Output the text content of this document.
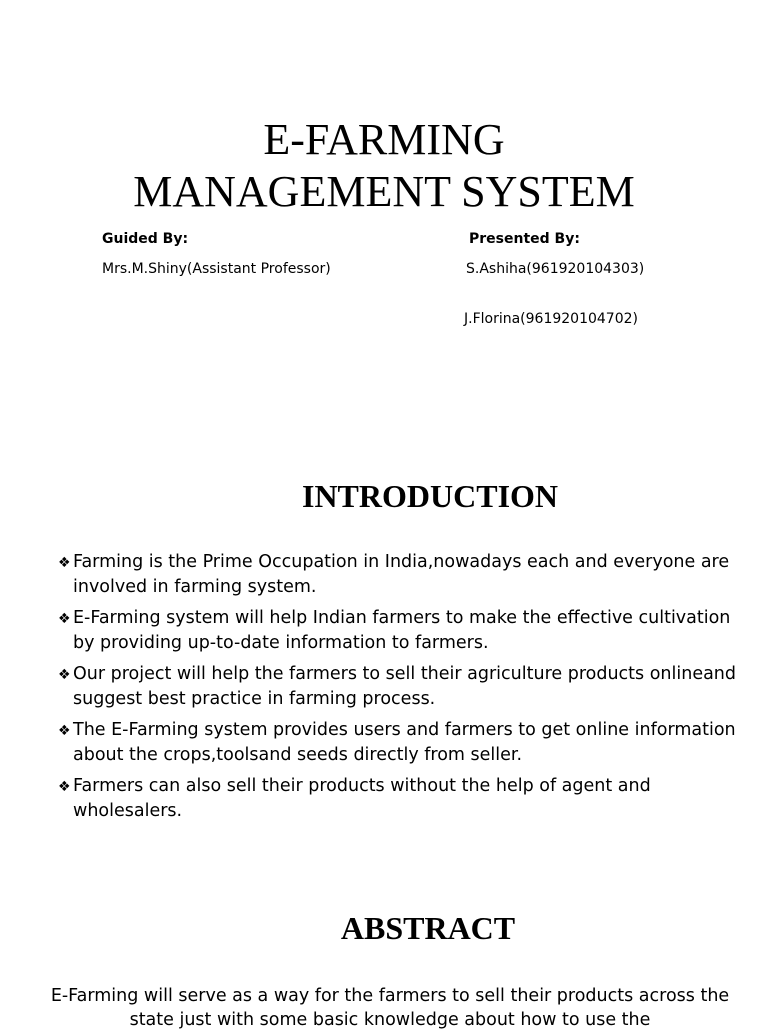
E-FARMING
MANAGEMENT SYSTEM
Guided By:
Mrs.M.Shiny(Assistant Professor)
Presented By:
S.Ashiha(961920104303)
J.Florina(961920104702)
INTRODUCTION
❖ Farming is the Prime Occupation in India,nowadays each and everyone are involved in farming system.
❖ E-Farming system will help Indian farmers to make the effective cultivation by providing up-to-date information to farmers.
❖ Our project will help the farmers to sell their agriculture products onlineand suggest best practice in farming process.
❖ The E-Farming system provides users and farmers to get online information about the crops,toolsand seeds directly from seller.
❖ Farmers can also sell their products without the help of agent and wholesalers.
ABSTRACT

E-Farming will serve as a way for the farmers to sell their products across the state just with some basic knowledge about how to use the
